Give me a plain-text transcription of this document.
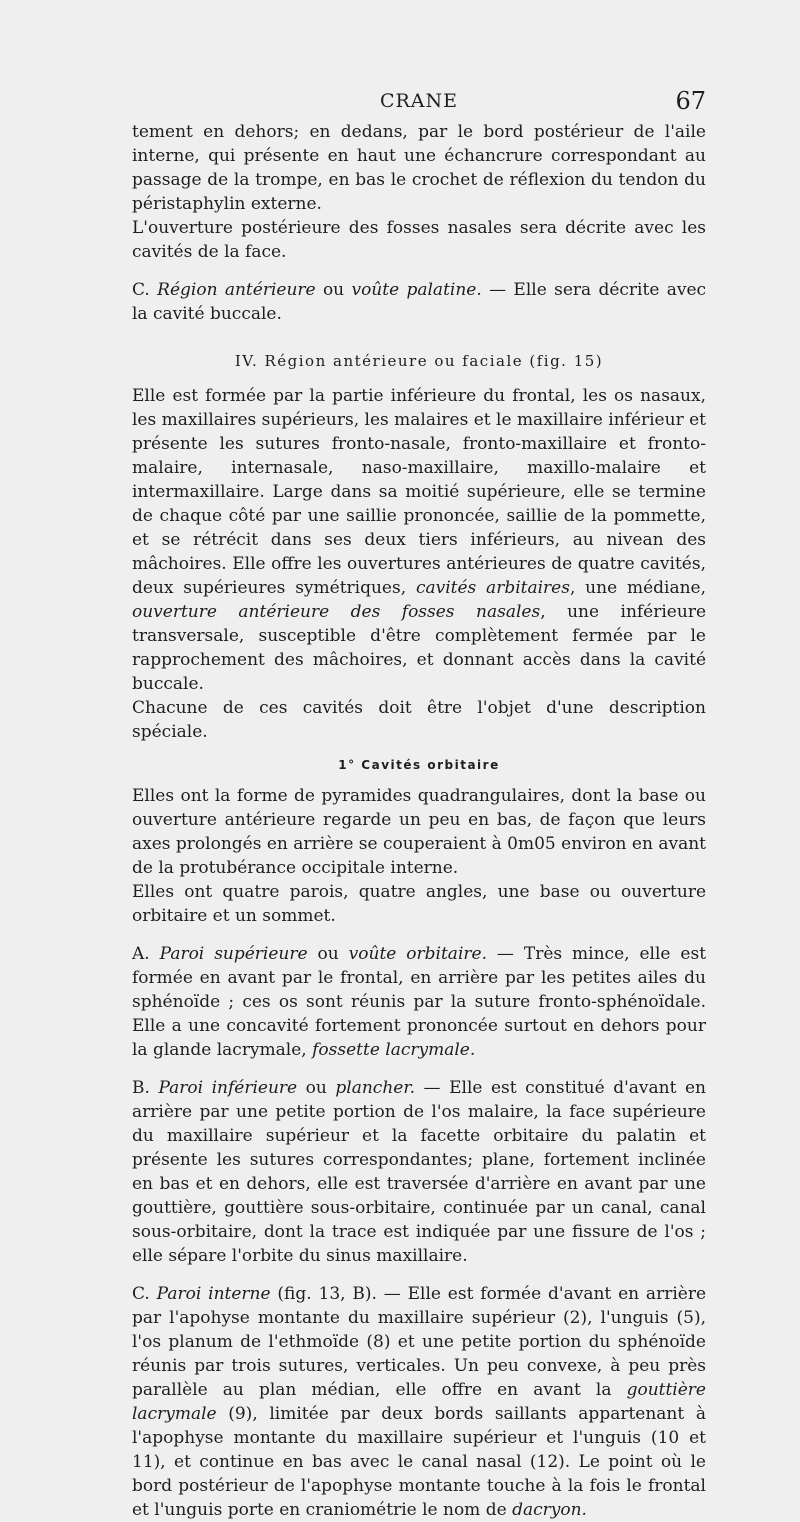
CRANE	67

tement en dehors; en dedans, par le bord postérieur de l'aile interne, qui présente en haut une échancrure correspondant au passage de la trompe, en bas le crochet de réflexion du tendon du péristaphylin externe.

L'ouverture postérieure des fosses nasales sera décrite avec les cavités de la face.

C. Région antérieure ou voûte palatine. — Elle sera décrite avec la cavité buccale.

IV. Région antérieure ou faciale (fig. 15)

Elle est formée par la partie inférieure du frontal, les os nasaux, les maxillaires supérieurs, les malaires et le maxillaire inférieur et présente les sutures fronto-nasale, fronto-maxillaire et fronto-malaire, internasale, naso-maxillaire, maxillo-malaire et intermaxillaire. Large dans sa moitié supérieure, elle se termine de chaque côté par une saillie prononcée, saillie de la pommette, et se rétrécit dans ses deux tiers inférieurs, au nivean des mâchoires. Elle offre les ouvertures antérieures de quatre cavités, deux supérieures symétriques, cavités arbitaires, une médiane, ouverture antérieure des fosses nasales, une inférieure transversale, susceptible d'être complètement fermée par le rapprochement des mâchoires, et donnant accès dans la cavité buccale.

Chacune de ces cavités doit être l'objet d'une description spéciale.

1° Cavités orbitaire

Elles ont la forme de pyramides quadrangulaires, dont la base ou ouverture antérieure regarde un peu en bas, de façon que leurs axes prolongés en arrière se couperaient à 0m05 environ en avant de la protubérance occipitale interne.

Elles ont quatre parois, quatre angles, une base ou ouverture orbitaire et un sommet.

A. Paroi supérieure ou voûte orbitaire. — Très mince, elle est formée en avant par le frontal, en arrière par les petites ailes du sphénoïde ; ces os sont réunis par la suture fronto-sphénoïdale. Elle a une concavité fortement prononcée surtout en dehors pour la glande lacrymale, fossette lacrymale.

B. Paroi inférieure ou plancher. — Elle est constitué d'avant en arrière par une petite portion de l'os malaire, la face supérieure du maxillaire supérieur et la facette orbitaire du palatin et présente les sutures correspondantes; plane, fortement inclinée en bas et en dehors, elle est traversée d'arrière en avant par une gouttière, gouttière sous-orbitaire, continuée par un canal, canal sous-orbitaire, dont la trace est indiquée par une fissure de l'os ; elle sépare l'orbite du sinus maxillaire.

C. Paroi interne (fig. 13, B). — Elle est formée d'avant en arrière par l'apohyse montante du maxillaire supérieur (2), l'unguis (5), l'os planum de l'ethmoïde (8) et une petite portion du sphénoïde réunis par trois sutures, verticales. Un peu convexe, à peu près parallèle au plan médian, elle offre en avant la gouttière lacrymale (9), limitée par deux bords saillants appartenant à l'apophyse montante du maxillaire supérieur et l'unguis (10 et 11), et continue en bas avec le canal nasal (12). Le point où le bord postérieur de l'apophyse montante touche à la fois le frontal et l'unguis porte en craniométrie le nom de dacryon.
